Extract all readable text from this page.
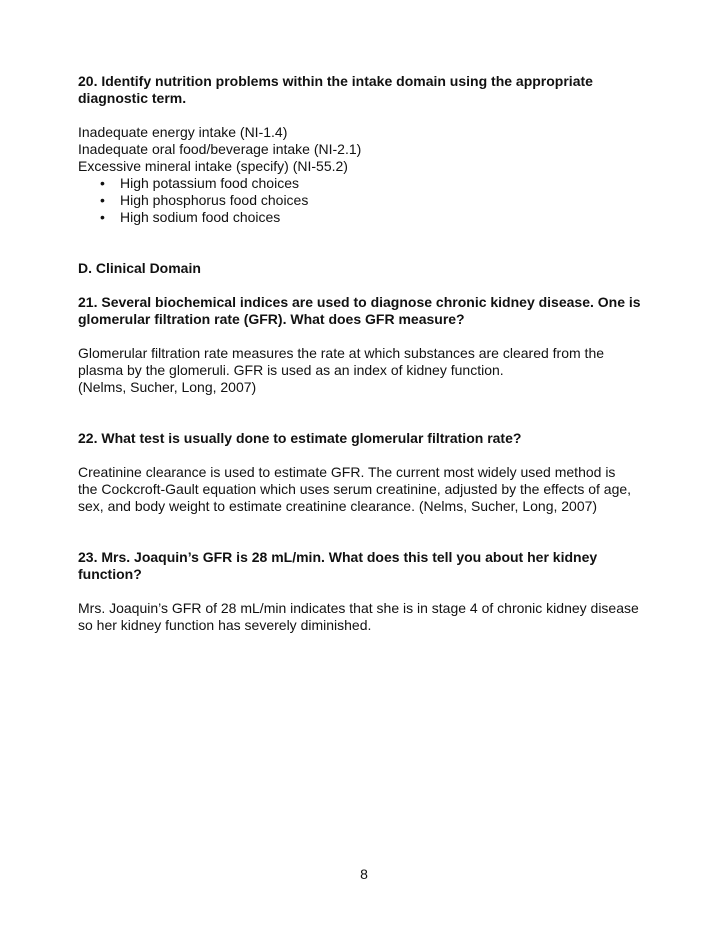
20. Identify nutrition problems within the intake domain using the appropriate
diagnostic term.

Inadequate energy intake (NI-1.4)
Inadequate oral food/beverage intake (NI-2.1)
Excessive mineral intake (specify) (NI-55.2)

• High potassium food choices
• High phosphorus food choices
• High sodium food choices

D. Clinical Domain

21. Several biochemical indices are used to diagnose chronic kidney disease. One is
glomerular filtration rate (GFR). What does GFR measure?

Glomerular filtration rate measures the rate at which substances are cleared from the
plasma by the glomeruli. GFR is used as an index of kidney function.
(Nelms, Sucher, Long, 2007)

22. What test is usually done to estimate glomerular filtration rate?

Creatinine clearance is used to estimate GFR. The current most widely used method is
the Cockcroft-Gault equation which uses serum creatinine, adjusted by the effects of age,
sex, and body weight to estimate creatinine clearance. (Nelms, Sucher, Long, 2007)

23. Mrs. Joaquin’s GFR is 28 mL/min. What does this tell you about her kidney
function?

Mrs. Joaquin’s GFR of 28 mL/min indicates that she is in stage 4 of chronic kidney disease
so her kidney function has severely diminished.

8
